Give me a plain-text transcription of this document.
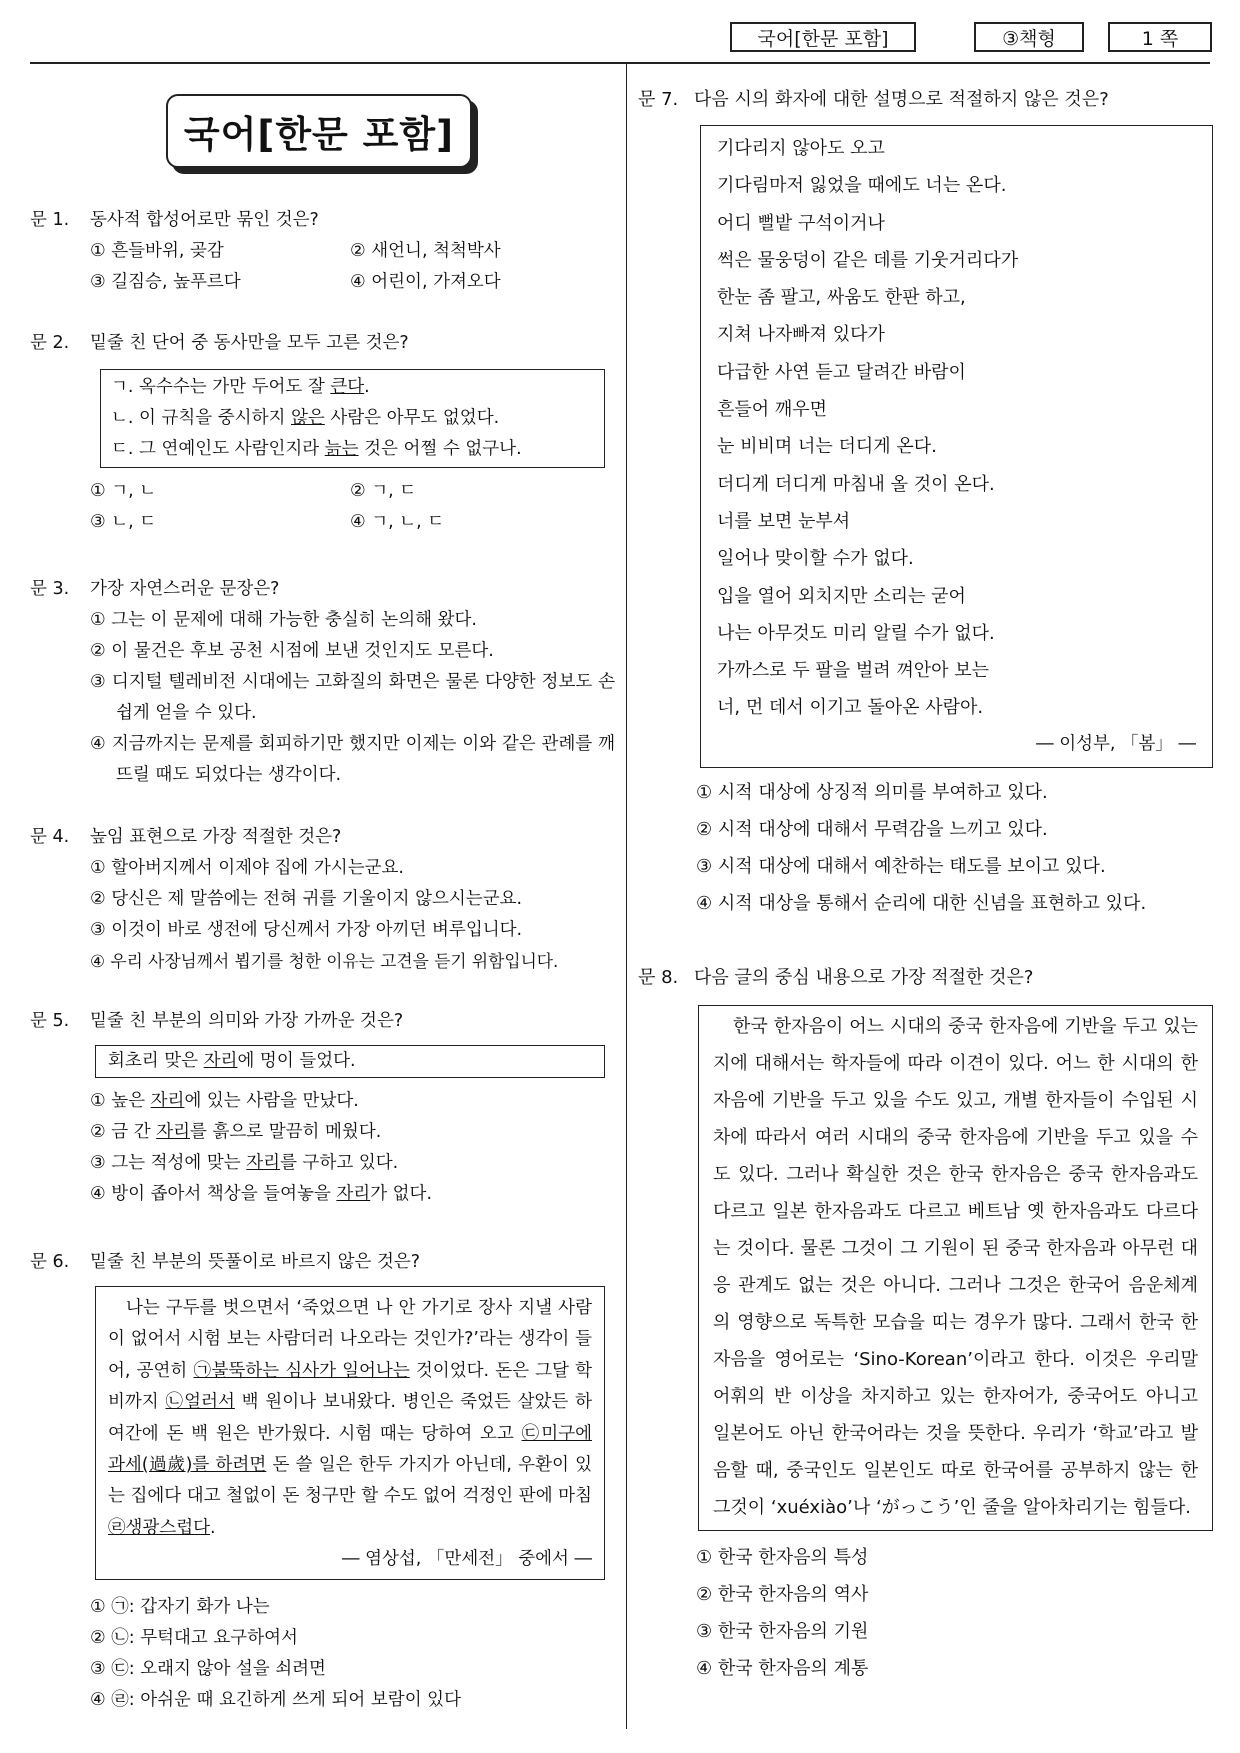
국어[한문 포함]	③책형	1 쪽
국어[한문 포함]
문 1. 동사적 합성어로만 묶인 것은?
① 흔들바위, 곶감	② 새언니, 척척박사
③ 길짐승, 높푸르다	④ 어린이, 가져오다
문 2. 밑줄 친 단어 중 동사만을 모두 고른 것은?
ㄱ. 옥수수는 가만 두어도 잘 큰다.
ㄴ. 이 규칙을 중시하지 않은 사람은 아무도 없었다.
ㄷ. 그 연예인도 사람인지라 늙는 것은 어쩔 수 없구나.
① ㄱ, ㄴ	② ㄱ, ㄷ
③ ㄴ, ㄷ	④ ㄱ, ㄴ, ㄷ
문 3. 가장 자연스러운 문장은?
① 그는 이 문제에 대해 가능한 충실히 논의해 왔다.
② 이 물건은 후보 공천 시점에 보낸 것인지도 모른다.
③ 디지털 텔레비전 시대에는 고화질의 화면은 물론 다양한 정보도 손쉽게 얻을 수 있다.
④ 지금까지는 문제를 회피하기만 했지만 이제는 이와 같은 관례를 깨뜨릴 때도 되었다는 생각이다.
문 4. 높임 표현으로 가장 적절한 것은?
① 할아버지께서 이제야 집에 가시는군요.
② 당신은 제 말씀에는 전혀 귀를 기울이지 않으시는군요.
③ 이것이 바로 생전에 당신께서 가장 아끼던 벼루입니다.
④ 우리 사장님께서 뵙기를 청한 이유는 고견을 듣기 위함입니다.
문 5. 밑줄 친 부분의 의미와 가장 가까운 것은?
회초리 맞은 자리에 멍이 들었다.
① 높은 자리에 있는 사람을 만났다.
② 금 간 자리를 흙으로 말끔히 메웠다.
③ 그는 적성에 맞는 자리를 구하고 있다.
④ 방이 좁아서 책상을 들여놓을 자리가 없다.
문 6. 밑줄 친 부분의 뜻풀이로 바르지 않은 것은?
나는 구두를 벗으면서 ‘죽었으면 나 안 가기로 장사 지낼 사람이 없어서 시험 보는 사람더러 나오라는 것인가?’라는 생각이 들어, 공연히 ㉠불뚝하는 심사가 일어나는 것이었다. 돈은 그달 학비까지 ㉡얼러서 백 원이나 보내왔다. 병인은 죽었든 살았든 하여간에 돈 백 원은 반가웠다. 시험 때는 당하여 오고 ㉢미구에 과세(過歲)를 하려면 돈 쓸 일은 한두 가지가 아닌데, 우환이 있는 집에다 대고 철없이 돈 청구만 할 수도 없어 걱정인 판에 마침 ㉣생광스럽다.
― 염상섭, 「만세전」 중에서 ―
① ㉠: 갑자기 화가 나는
② ㉡: 무턱대고 요구하여서
③ ㉢: 오래지 않아 설을 쇠려면
④ ㉣: 아쉬운 때 요긴하게 쓰게 되어 보람이 있다
문 7. 다음 시의 화자에 대한 설명으로 적절하지 않은 것은?
기다리지 않아도 오고
기다림마저 잃었을 때에도 너는 온다.
어디 뻘밭 구석이거나
썩은 물웅덩이 같은 데를 기웃거리다가
한눈 좀 팔고, 싸움도 한판 하고,
지쳐 나자빠져 있다가
다급한 사연 듣고 달려간 바람이
흔들어 깨우면
눈 비비며 너는 더디게 온다.
더디게 더디게 마침내 올 것이 온다.
너를 보면 눈부셔
일어나 맞이할 수가 없다.
입을 열어 외치지만 소리는 굳어
나는 아무것도 미리 알릴 수가 없다.
가까스로 두 팔을 벌려 껴안아 보는
너, 먼 데서 이기고 돌아온 사람아.
― 이성부, 「봄」 ―
① 시적 대상에 상징적 의미를 부여하고 있다.
② 시적 대상에 대해서 무력감을 느끼고 있다.
③ 시적 대상에 대해서 예찬하는 태도를 보이고 있다.
④ 시적 대상을 통해서 순리에 대한 신념을 표현하고 있다.
문 8. 다음 글의 중심 내용으로 가장 적절한 것은?
한국 한자음이 어느 시대의 중국 한자음에 기반을 두고 있는지에 대해서는 학자들에 따라 이견이 있다. 어느 한 시대의 한자음에 기반을 두고 있을 수도 있고, 개별 한자들이 수입된 시차에 따라서 여러 시대의 중국 한자음에 기반을 두고 있을 수도 있다. 그러나 확실한 것은 한국 한자음은 중국 한자음과도 다르고 일본 한자음과도 다르고 베트남 옛 한자음과도 다르다는 것이다. 물론 그것이 그 기원이 된 중국 한자음과 아무런 대응 관계도 없는 것은 아니다. 그러나 그것은 한국어 음운체계의 영향으로 독특한 모습을 띠는 경우가 많다. 그래서 한국 한자음을 영어로는 ‘Sino-Korean’이라고 한다. 이것은 우리말 어휘의 반 이상을 차지하고 있는 한자어가, 중국어도 아니고 일본어도 아닌 한국어라는 것을 뜻한다. 우리가 ‘학교’라고 발음할 때, 중국인도 일본인도 따로 한국어를 공부하지 않는 한 그것이 ‘xuéxiào’나 ‘がっこう’인 줄을 알아차리기는 힘들다.
① 한국 한자음의 특성
② 한국 한자음의 역사
③ 한국 한자음의 기원
④ 한국 한자음의 계통
